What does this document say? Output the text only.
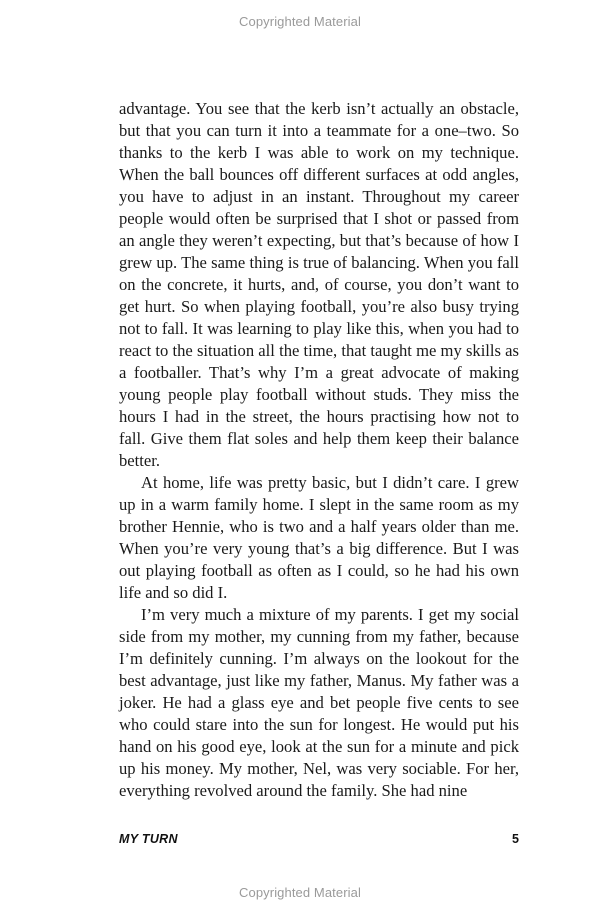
Copyrighted Material

advantage. You see that the kerb isn’t actually an obstacle, but that you can turn it into a teammate for a one–two. So thanks to the kerb I was able to work on my technique. When the ball bounces off different surfaces at odd angles, you have to adjust in an instant. Throughout my career people would often be surprised that I shot or passed from an angle they weren’t expecting, but that’s because of how I grew up. The same thing is true of balancing. When you fall on the concrete, it hurts, and, of course, you don’t want to get hurt. So when playing football, you’re also busy trying not to fall. It was learning to play like this, when you had to react to the situation all the time, that taught me my skills as a footballer. That’s why I’m a great advocate of making young people play football without studs. They miss the hours I had in the street, the hours practising how not to fall. Give them flat soles and help them keep their balance better.

At home, life was pretty basic, but I didn’t care. I grew up in a warm family home. I slept in the same room as my brother Hennie, who is two and a half years older than me. When you’re very young that’s a big difference. But I was out playing football as often as I could, so he had his own life and so did I.

I’m very much a mixture of my parents. I get my social side from my mother, my cunning from my father, because I’m definitely cunning. I’m always on the lookout for the best advantage, just like my father, Manus. My father was a joker. He had a glass eye and bet people five cents to see who could stare into the sun for longest. He would put his hand on his good eye, look at the sun for a minute and pick up his money. My mother, Nel, was very sociable. For her, everything revolved around the family. She had nine

MY TURN	5
Copyrighted Material
